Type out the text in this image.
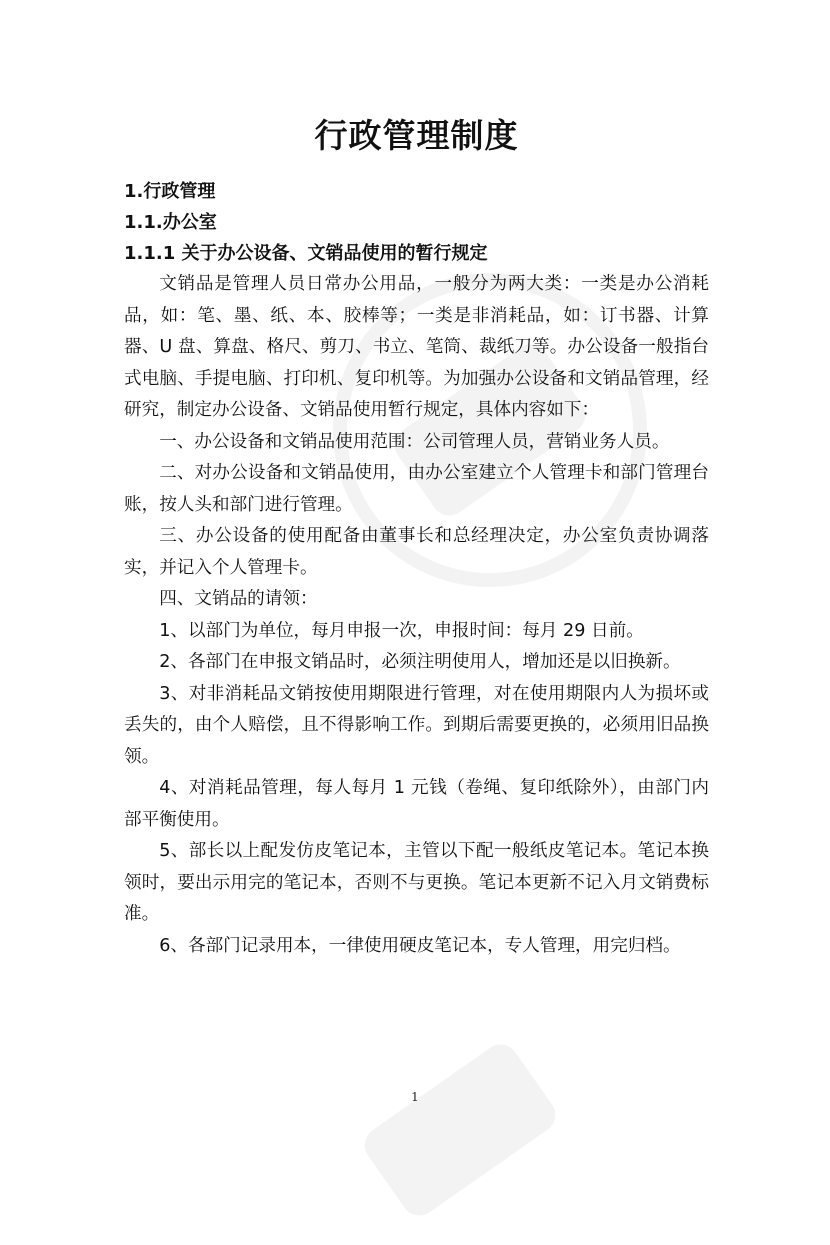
行政管理制度
1.行政管理
1.1.办公室
1.1.1 关于办公设备、文销品使用的暂行规定

文销品是管理人员日常办公用品，一般分为两大类：一类是办公消耗品，如：笔、墨、纸、本、胶棒等；一类是非消耗品，如：订书器、计算器、U 盘、算盘、格尺、剪刀、书立、笔筒、裁纸刀等。办公设备一般指台式电脑、手提电脑、打印机、复印机等。为加强办公设备和文销品管理，经研究，制定办公设备、文销品使用暂行规定，具体内容如下：

一、办公设备和文销品使用范围：公司管理人员，营销业务人员。

二、对办公设备和文销品使用，由办公室建立个人管理卡和部门管理台账，按人头和部门进行管理。

三、办公设备的使用配备由董事长和总经理决定，办公室负责协调落实，并记入个人管理卡。

四、文销品的请领：

1、以部门为单位，每月申报一次，申报时间：每月 29 日前。

2、各部门在申报文销品时，必须注明使用人，增加还是以旧换新。

3、对非消耗品文销按使用期限进行管理，对在使用期限内人为损坏或丢失的，由个人赔偿，且不得影响工作。到期后需要更换的，必须用旧品换领。

4、对消耗品管理，每人每月 1 元钱（卷绳、复印纸除外），由部门内部平衡使用。

5、部长以上配发仿皮笔记本，主管以下配一般纸皮笔记本。笔记本换领时，要出示用完的笔记本，否则不与更换。笔记本更新不记入月文销费标准。

6、各部门记录用本，一律使用硬皮笔记本，专人管理，用完归档。

1
